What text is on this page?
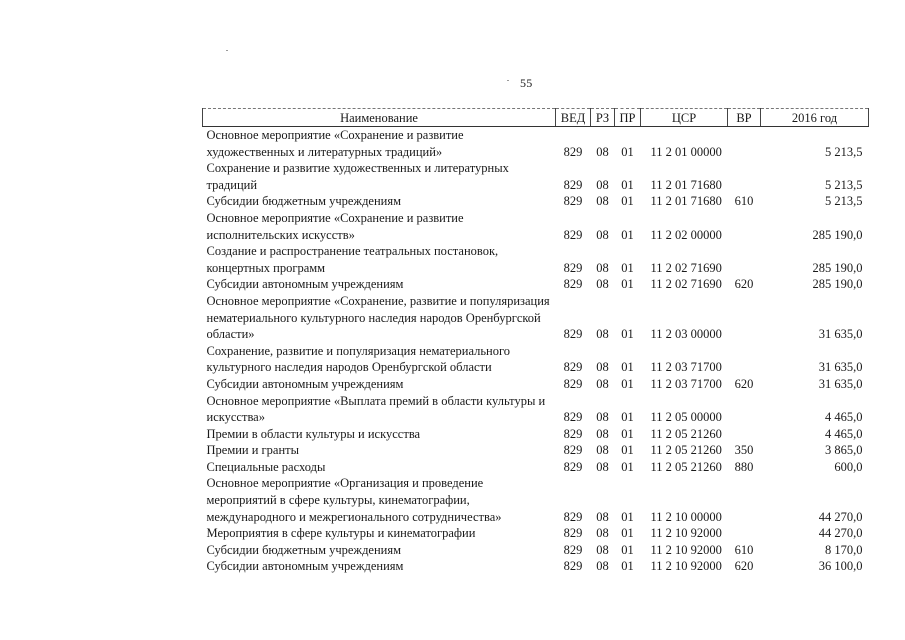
55
Наименование	ВЕД	РЗ	ПР	ЦСР	ВР	2016 год
Основное мероприятие «Сохранение и развитие художественных и литературных традиций»	829	08	01	11 2 01 00000		5 213,5
Сохранение и развитие художественных и литературных традиций	829	08	01	11 2 01 71680		5 213,5
Субсидии бюджетным учреждениям	829	08	01	11 2 01 71680	610	5 213,5
Основное мероприятие «Сохранение и развитие исполнительских искусств»	829	08	01	11 2 02 00000		285 190,0
Создание и распространение театральных постановок, концертных программ	829	08	01	11 2 02 71690		285 190,0
Субсидии автономным учреждениям	829	08	01	11 2 02 71690	620	285 190,0
Основное мероприятие «Сохранение, развитие и популяризация нематериального культурного наследия народов Оренбургской области»	829	08	01	11 2 03 00000		31 635,0
Сохранение, развитие и популяризация нематериального культурного наследия народов Оренбургской области	829	08	01	11 2 03 71700		31 635,0
Субсидии автономным учреждениям	829	08	01	11 2 03 71700	620	31 635,0
Основное мероприятие «Выплата премий в области культуры и искусства»	829	08	01	11 2 05 00000		4 465,0
Премии в области культуры и искусства	829	08	01	11 2 05 21260		4 465,0
Премии и гранты	829	08	01	11 2 05 21260	350	3 865,0
Специальные расходы	829	08	01	11 2 05 21260	880	600,0
Основное мероприятие «Организация и проведение мероприятий в сфере культуры, кинематографии, международного и межрегионального сотрудничества»	829	08	01	11 2 10 00000		44 270,0
Мероприятия в сфере культуры и кинематографии	829	08	01	11 2 10 92000		44 270,0
Субсидии бюджетным учреждениям	829	08	01	11 2 10 92000	610	8 170,0
Субсидии автономным учреждениям	829	08	01	11 2 10 92000	620	36 100,0
